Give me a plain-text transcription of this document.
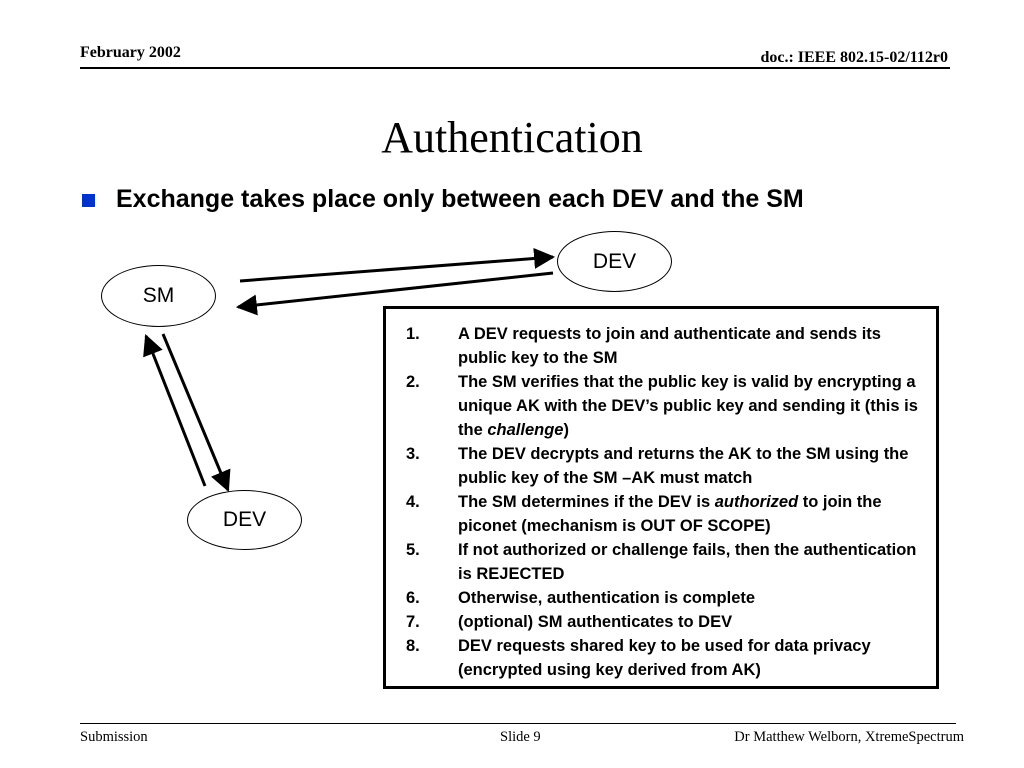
February 2002	doc.: IEEE 802.15-02/112r0
Authentication
Exchange takes place only between each DEV and the SM
SM
DEV
DEV
1.	A DEV requests to join and authenticate and sends its public key to the SM
2.	The SM verifies that the public key is valid by encrypting a unique AK with the DEV’s public key and sending it (this is the challenge)
3.	The DEV decrypts and returns the AK to the SM using the public key of the SM –AK must match
4.	The SM determines if the DEV is authorized to join the piconet (mechanism is OUT OF SCOPE)
5.	If not authorized or challenge fails, then the authentication is REJECTED
6.	Otherwise, authentication is complete
7.	(optional) SM authenticates to DEV
8.	DEV requests shared key to be used for data privacy (encrypted using key derived from AK)
Submission	Slide 9	Dr Matthew Welborn, XtremeSpectrum
